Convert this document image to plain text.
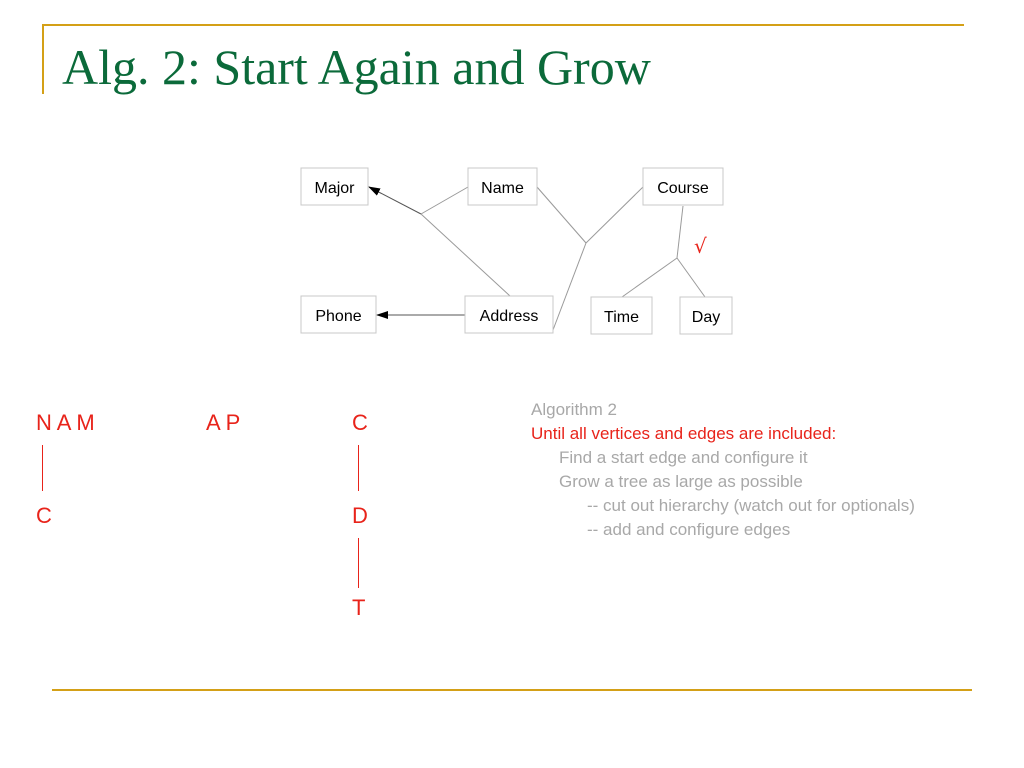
Alg. 2: Start Again and Grow
Major	Name	Course
Phone	Address	Time	Day
√
N A M
C
A P	C
D
T
Algorithm 2
Until all vertices and edges are included:
Find a start edge and configure it
Grow a tree as large as possible
-- cut out hierarchy (watch out for optionals)
-- add and configure edges
